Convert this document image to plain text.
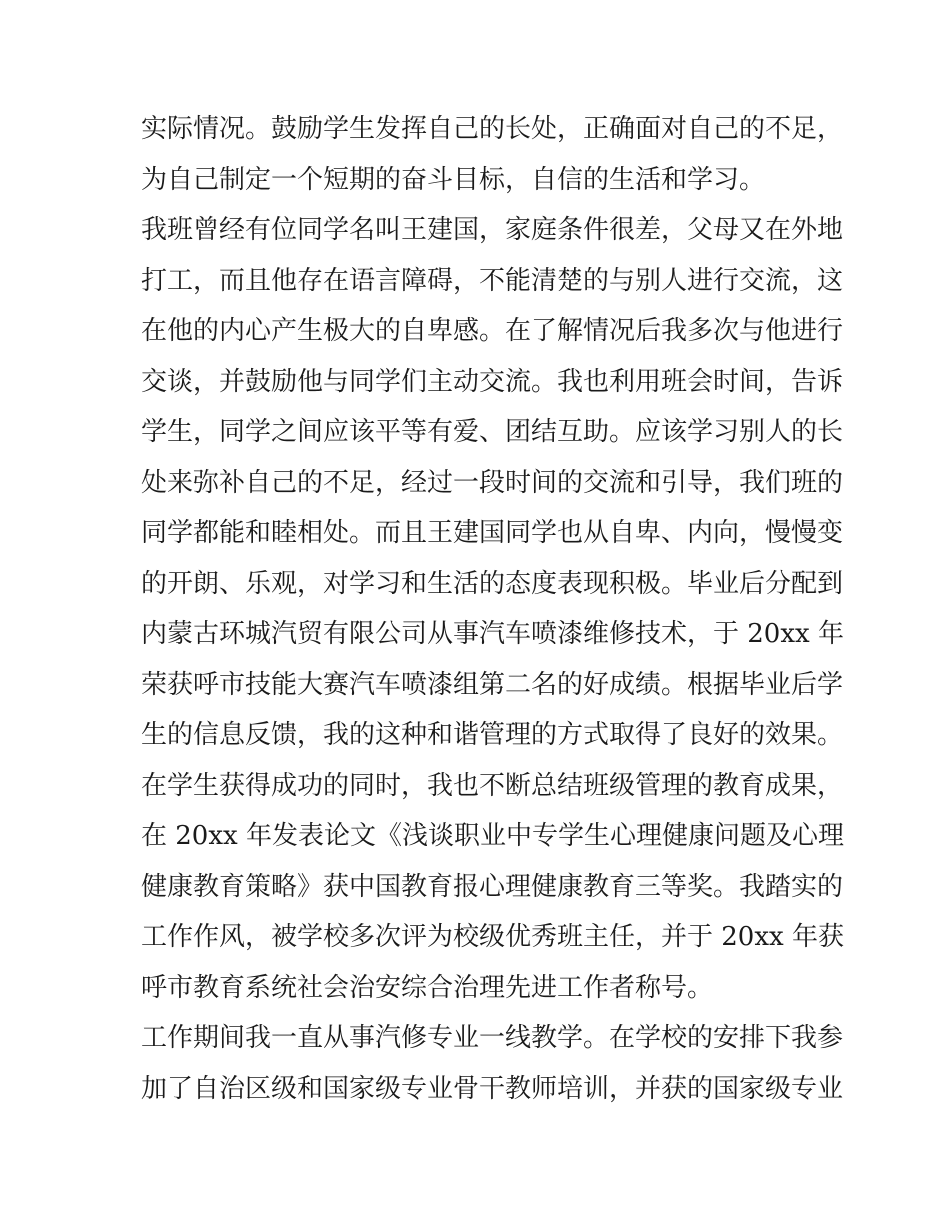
实际情况。鼓励学生发挥自己的长处，正确面对自己的不足，
为自己制定一个短期的奋斗目标，自信的生活和学习。
我班曾经有位同学名叫王建国，家庭条件很差，父母又在外地
打工，而且他存在语言障碍，不能清楚的与别人进行交流，这
在他的内心产生极大的自卑感。在了解情况后我多次与他进行
交谈，并鼓励他与同学们主动交流。我也利用班会时间，告诉
学生，同学之间应该平等有爱、团结互助。应该学习别人的长
处来弥补自己的不足，经过一段时间的交流和引导，我们班的
同学都能和睦相处。而且王建国同学也从自卑、内向，慢慢变
的开朗、乐观，对学习和生活的态度表现积极。毕业后分配到
内蒙古环城汽贸有限公司从事汽车喷漆维修技术，于 20xx 年
荣获呼市技能大赛汽车喷漆组第二名的好成绩。根据毕业后学
生的信息反馈，我的这种和谐管理的方式取得了良好的效果。
在学生获得成功的同时，我也不断总结班级管理的教育成果，
在 20xx 年发表论文《浅谈职业中专学生心理健康问题及心理
健康教育策略》获中国教育报心理健康教育三等奖。我踏实的
工作作风，被学校多次评为校级优秀班主任，并于 20xx 年获
呼市教育系统社会治安综合治理先进工作者称号。
工作期间我一直从事汽修专业一线教学。在学校的安排下我参
加了自治区级和国家级专业骨干教师培训，并获的国家级专业
